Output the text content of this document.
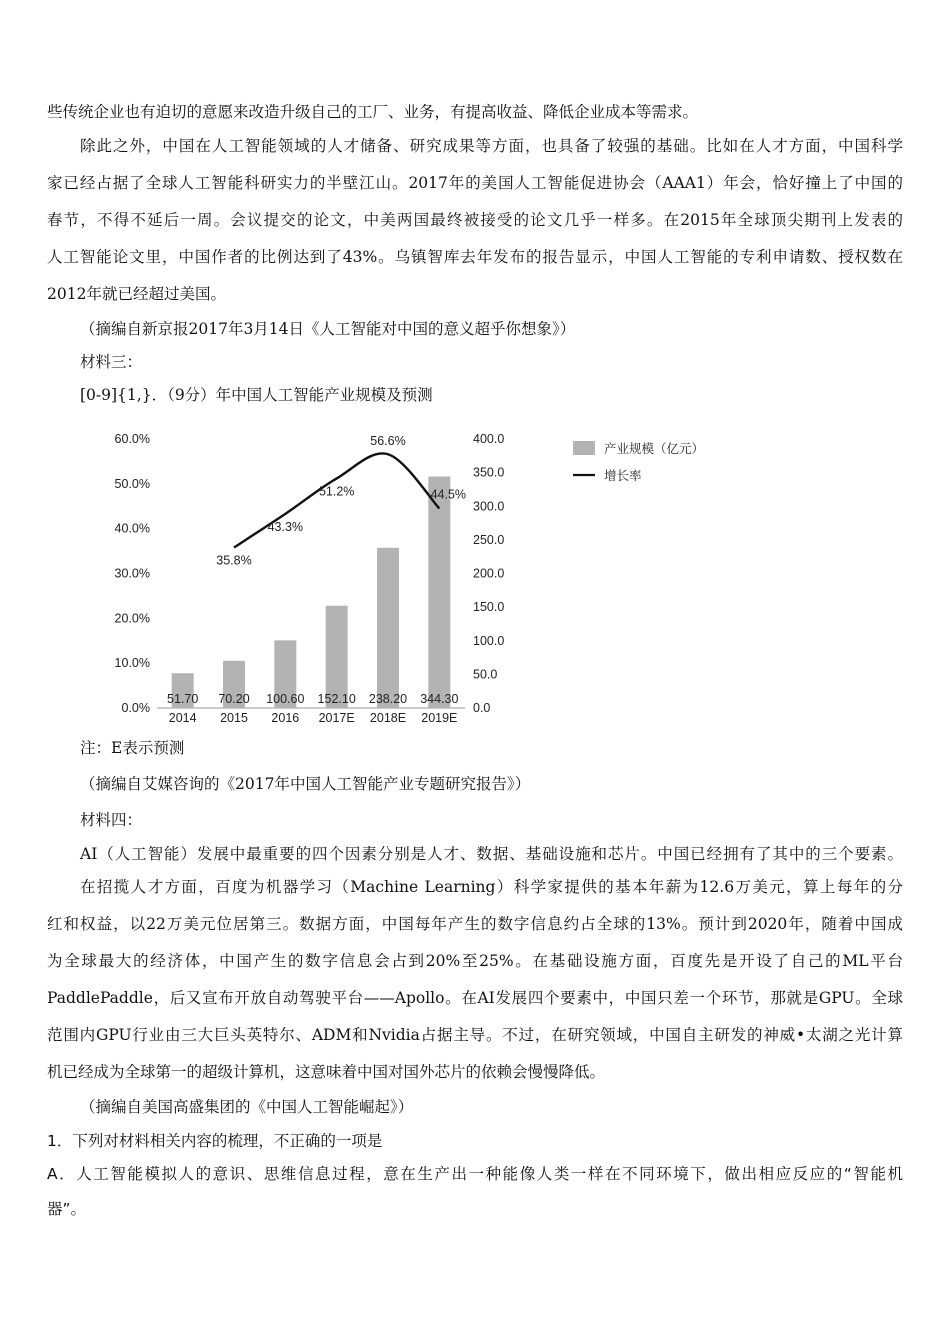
些传统企业也有迫切的意愿来改造升级自己的工厂、业务，有提高收益、降低企业成本等需求。
除此之外，中国在人工智能领域的人才储备、研究成果等方面，也具备了较强的基础。比如在人才方面，中国科学
家已经占据了全球人工智能科研实力的半壁江山。2017年的美国人工智能促进协会（AAA1）年会，恰好撞上了中国的
春节，不得不延后一周。会议提交的论文，中美两国最终被接受的论文几乎一样多。在2015年全球顶尖期刊上发表的
人工智能论文里，中国作者的比例达到了43%。乌镇智库去年发布的报告显示，中国人工智能的专利申请数、授权数在
2012年就已经超过美国。
（摘编自新京报2017年3月14日《人工智能对中国的意义超乎你想象》）
材料三：
[0-9]{1,}．（9分）年中国人工智能产业规模及预测
0.0%
10.0%
20.0%
30.0%
40.0%
50.0%
60.0%
0.0
50.0
100.0
150.0
200.0
250.0
300.0
350.0
400.0
2014 2015 2016 2017E 2018E 2019E
51.70 70.20 100.60 152.10 238.20 344.30
35.8%
43.3%
51.2%
56.6%
44.5%
产业规模（亿元）
增长率
注：E表示预测
（摘编自艾媒咨询的《2017年中国人工智能产业专题研究报告》）
材料四：
AI（人工智能）发展中最重要的四个因素分别是人才、数据、基础设施和芯片。中国已经拥有了其中的三个要素。
在招揽人才方面，百度为机器学习（Machine Learning）科学家提供的基本年薪为12.6万美元，算上每年的分
红和权益，以22万美元位居第三。数据方面，中国每年产生的数字信息约占全球的13%。预计到2020年，随着中国成
为全球最大的经济体，中国产生的数字信息会占到20%至25%。在基础设施方面，百度先是开设了自己的ML平台
PaddlePaddle，后又宣布开放自动驾驶平台——Apollo。在AI发展四个要素中，中国只差一个环节，那就是GPU。全球
范围内GPU行业由三大巨头英特尔、ADM和Nvidia占据主导。不过，在研究领域，中国自主研发的神威•太湖之光计算
机已经成为全球第一的超级计算机，这意味着中国对国外芯片的依赖会慢慢降低。
（摘编自美国高盛集团的《中国人工智能崛起》）
1．下列对材料相关内容的梳理，不正确的一项是
A．人工智能模拟人的意识、思维信息过程，意在生产出一种能像人类一样在不同环境下，做出相应反应的“智能机
器”。
